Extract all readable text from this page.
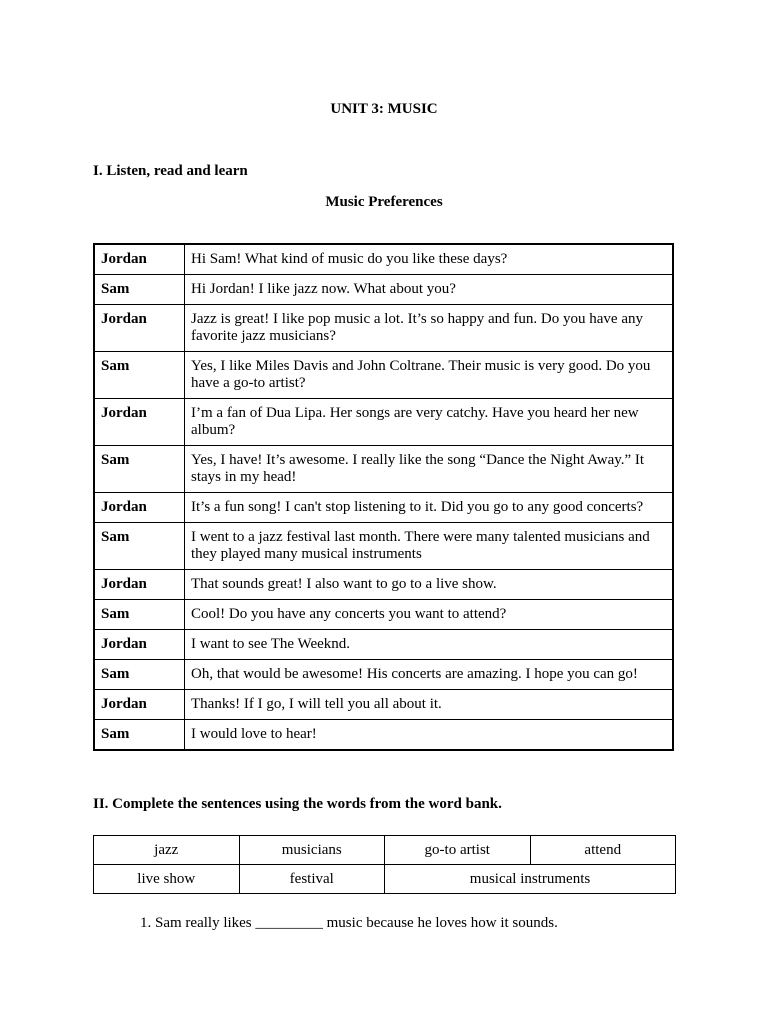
UNIT 3: MUSIC
I. Listen, read and learn
Music Preferences
Jordan	Hi Sam! What kind of music do you like these days?
Sam	Hi Jordan! I like jazz now. What about you?
Jordan	Jazz is great! I like pop music a lot. It’s so happy and fun. Do you have any favorite jazz musicians?
Sam	Yes, I like Miles Davis and John Coltrane. Their music is very good. Do you have a go-to artist?
Jordan	I’m a fan of Dua Lipa. Her songs are very catchy. Have you heard her new album?
Sam	Yes, I have! It’s awesome. I really like the song “Dance the Night Away.” It stays in my head!
Jordan	It’s a fun song! I can't stop listening to it. Did you go to any good concerts?
Sam	I went to a jazz festival last month. There were many talented musicians and they played many musical instruments
Jordan	That sounds great! I also want to go to a live show.
Sam	Cool! Do you have any concerts you want to attend?
Jordan	I want to see The Weeknd.
Sam	Oh, that would be awesome! His concerts are amazing. I hope you can go!
Jordan	Thanks! If I go, I will tell you all about it.
Sam	I would love to hear!
II. Complete the sentences using the words from the word bank.
jazz	musicians	go-to artist	attend
live show	festival	musical instruments	
1. Sam really likes _________ music because he loves how it sounds.
